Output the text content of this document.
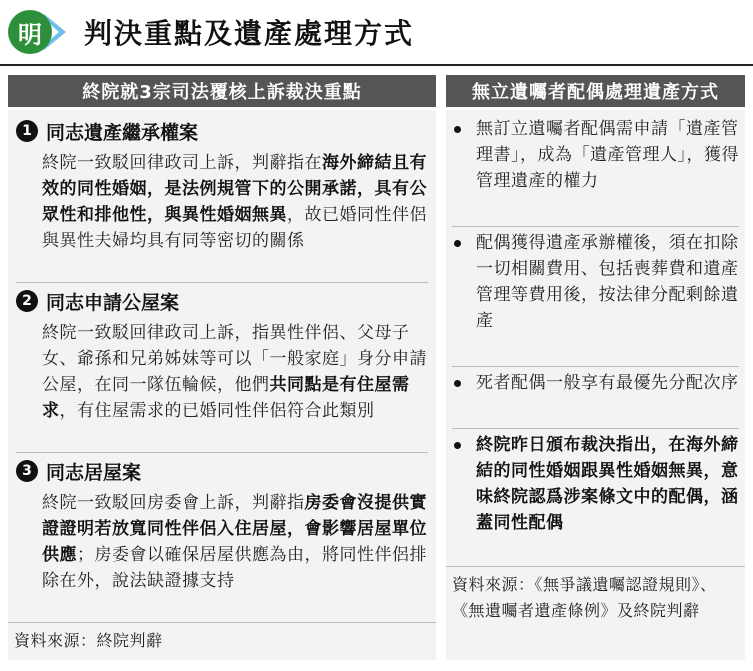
明 判決重點及遺產處理方式
終院就3宗司法覆核上訴裁決重點	無立遺囑者配偶處理遺產方式
1 同志遺產繼承權案
終院一致駁回律政司上訴，判辭指在海外締結且有效的同性婚姻，是法例規管下的公開承諾，具有公眾性和排他性，與異性婚姻無異，故已婚同性伴侶與異性夫婦均具有同等密切的關係
2 同志申請公屋案
終院一致駁回律政司上訴，指異性伴侶、父母子女、爺孫和兄弟姊妹等可以「一般家庭」身分申請公屋，在同一隊伍輪候，他們共同點是有住屋需求，有住屋需求的已婚同性伴侶符合此類別
3 同志居屋案
終院一致駁回房委會上訴，判辭指房委會沒提供實證證明若放寬同性伴侶入住居屋，會影響居屋單位供應；房委會以確保居屋供應為由，將同性伴侶排除在外，說法缺證據支持
資料來源：終院判辭
無訂立遺囑者配偶需申請「遺產管理書」，成為「遺產管理人」，獲得管理遺產的權力
配偶獲得遺產承辦權後，須在扣除一切相關費用、包括喪葬費和遺產管理等費用後，按法律分配剩餘遺產
死者配偶一般享有最優先分配次序
終院昨日頒布裁決指出，在海外締結的同性婚姻跟異性婚姻無異，意味終院認爲涉案條文中的配偶，涵蓋同性配偶
資料來源：《無爭議遺囑認證規則》、《無遺囑者遺產條例》及終院判辭
